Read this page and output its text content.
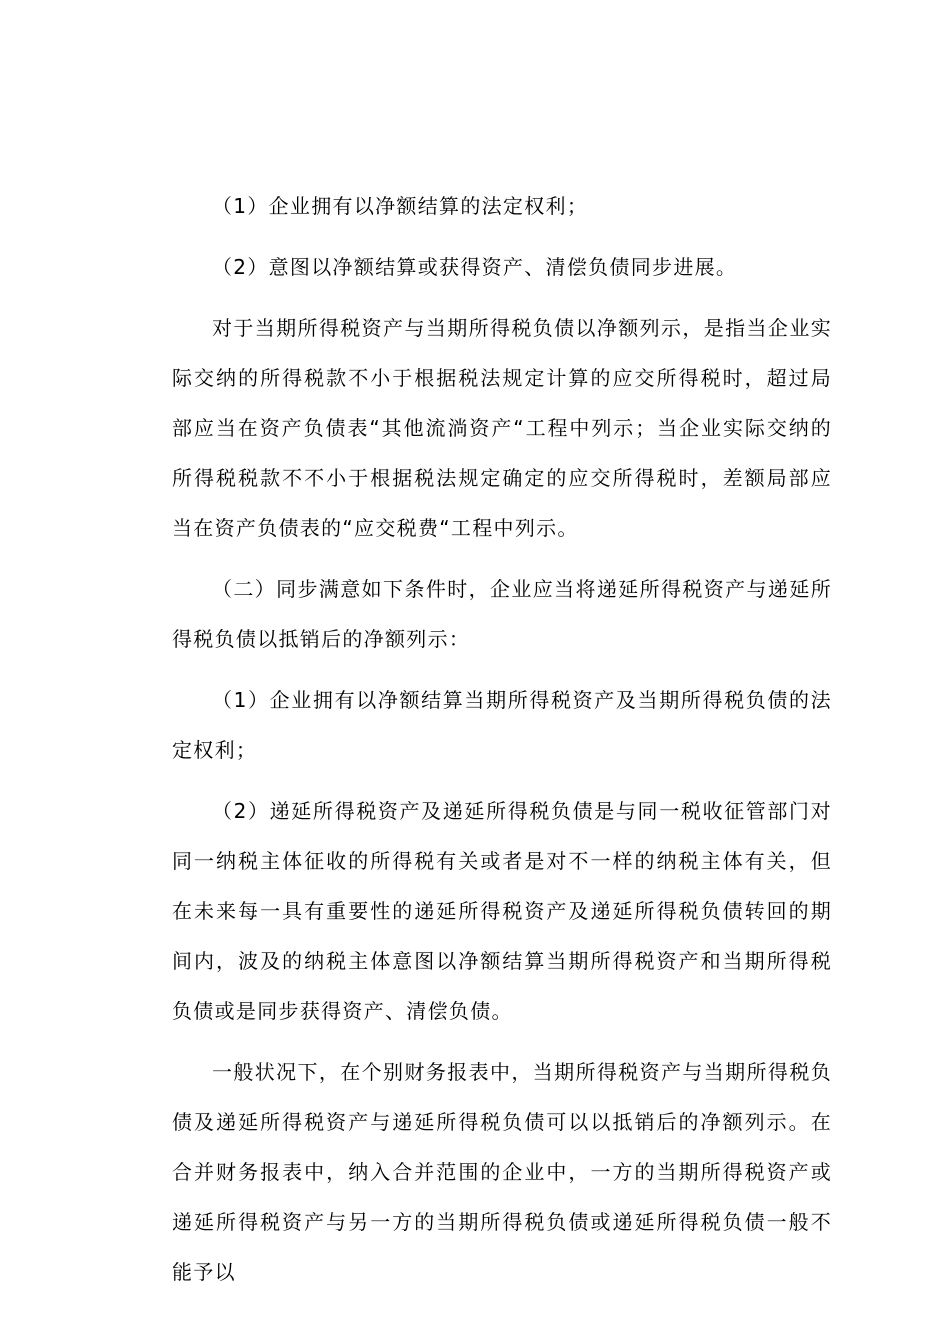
（1）企业拥有以净额结算的法定权利；

（2）意图以净额结算或获得资产、清偿负债同步进展。

对于当期所得税资产与当期所得税负债以净额列示，是指当企业实际交纳的所得税款不小于根据税法规定计算的应交所得税时，超过局部应当在资产负债表“其他流淌资产“工程中列示；当企业实际交纳的所得税税款不不小于根据税法规定确定的应交所得税时，差额局部应当在资产负债表的“应交税费“工程中列示。

（二）同步满意如下条件时，企业应当将递延所得税资产与递延所得税负债以抵销后的净额列示：

（1）企业拥有以净额结算当期所得税资产及当期所得税负债的法定权利；

（2）递延所得税资产及递延所得税负债是与同一税收征管部门对同一纳税主体征收的所得税有关或者是对不一样的纳税主体有关，但在未来每一具有重要性的递延所得税资产及递延所得税负债转回的期间内，波及的纳税主体意图以净额结算当期所得税资产和当期所得税负债或是同步获得资产、清偿负债。

一般状况下，在个别财务报表中，当期所得税资产与当期所得税负债及递延所得税资产与递延所得税负债可以以抵销后的净额列示。在合并财务报表中，纳入合并范围的企业中，一方的当期所得税资产或递延所得税资产与另一方的当期所得税负债或递延所得税负债一般不能予以
